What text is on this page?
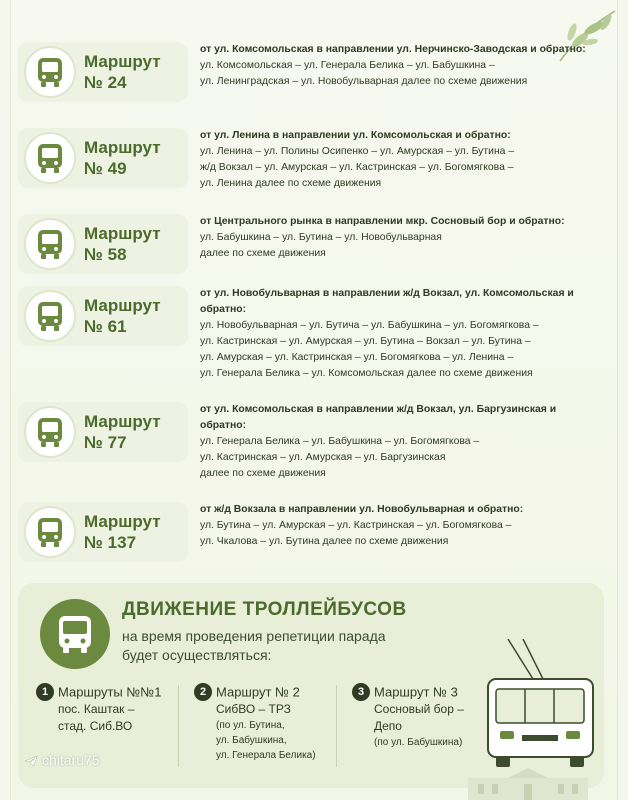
Маршрут
№ 24
от ул. Комсомольская в направлении ул. Нерчинско-Заводская и обратно:
ул. Комсомольская – ул. Генерала Белика – ул. Бабушкина –
ул. Ленинградская – ул. Новобульварная далее по схеме движения
Маршрут
№ 49
от ул. Ленина в направлении ул. Комсомольская и обратно:
ул. Ленина – ул. Полины Осипенко – ул. Амурская – ул. Бутина –
ж/д Вокзал – ул. Амурская – ул. Кастринская – ул. Богомягкова –
ул. Ленина далее по схеме движения
Маршрут
№ 58
от Центрального рынка в направлении мкр. Сосновый бор и обратно:
ул. Бабушкина – ул. Бутина – ул. Новобульварная
далее по схеме движения
Маршрут
№ 61
от ул. Новобульварная в направлении ж/д Вокзал, ул. Комсомольская и обратно:
ул. Новобульварная – ул. Бутича – ул. Бабушкина – ул. Богомягкова –
ул. Кастринская – ул. Амурская – ул. Бутина – Вокзал – ул. Бутина –
ул. Амурская – ул. Кастринская – ул. Богомягкова – ул. Ленина –
ул. Генерала Белика – ул. Комсомольская далее по схеме движения
Маршрут
№ 77
от ул. Комсомольская в направлении ж/д Вокзал, ул. Баргузинская и обратно:
ул. Генерала Белика – ул. Бабушкина – ул. Богомягкова –
ул. Кастринская – ул. Амурская – ул. Баргузинская
далее по схеме движения
Маршрут
№ 137
от ж/д Вокзала в направлении ул. Новобульварная и обратно:
ул. Бутина – ул. Амурская – ул. Кастринская – ул. Богомягкова –
ул. Чкалова – ул. Бутина далее по схеме движения
ДВИЖЕНИЕ ТРОЛЛЕЙБУСОВ
на время проведения репетиции парада будет осуществляться:
1 Маршруты №№1
пос. Каштак –
стад. Сиб.ВО
2 Маршрут № 2
СибВО – ТРЗ
(по ул. Бутина,
ул. Бабушкина,
ул. Генерала Белика)
3 Маршрут № 3
Сосновый бор –
Депо
(по ул. Бабушкина)
chitaru75
